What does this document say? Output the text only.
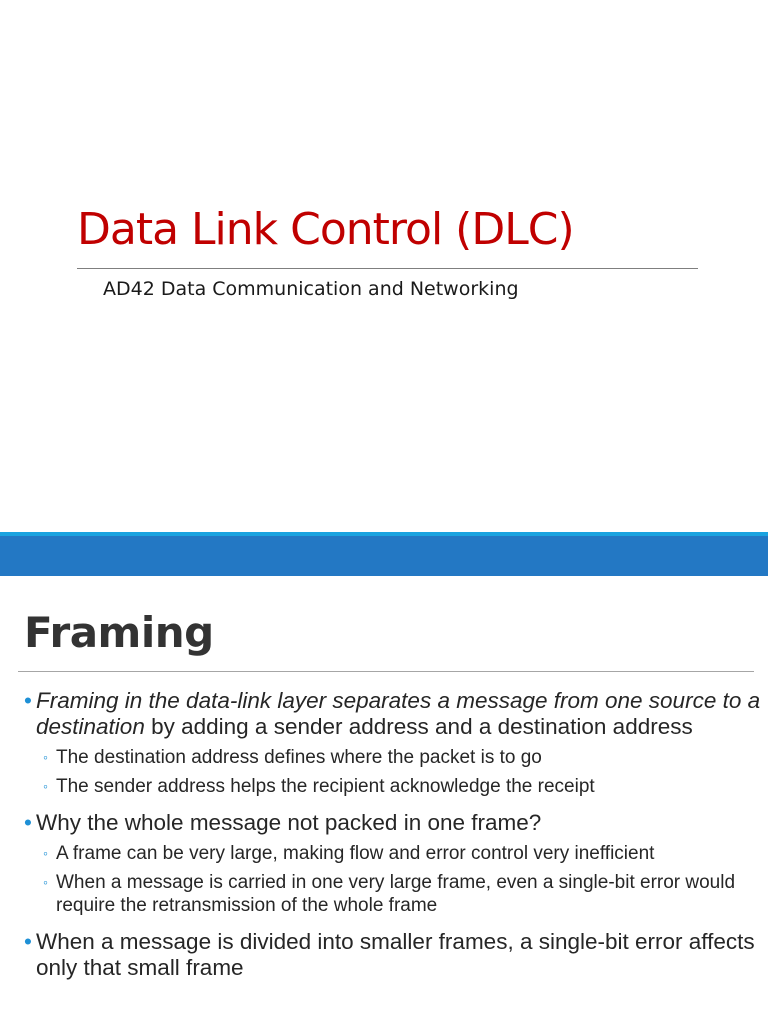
Data Link Control (DLC)
AD42 Data Communication and Networking
Framing
• Framing in the data-link layer separates a message from one source to a destination by adding a sender address and a destination address
◦ The destination address defines where the packet is to go
◦ The sender address helps the recipient acknowledge the receipt
• Why the whole message not packed in one frame?
◦ A frame can be very large, making flow and error control very inefficient
◦ When a message is carried in one very large frame, even a single-bit error would require the retransmission of the whole frame
• When a message is divided into smaller frames, a single-bit error affects only that small frame
